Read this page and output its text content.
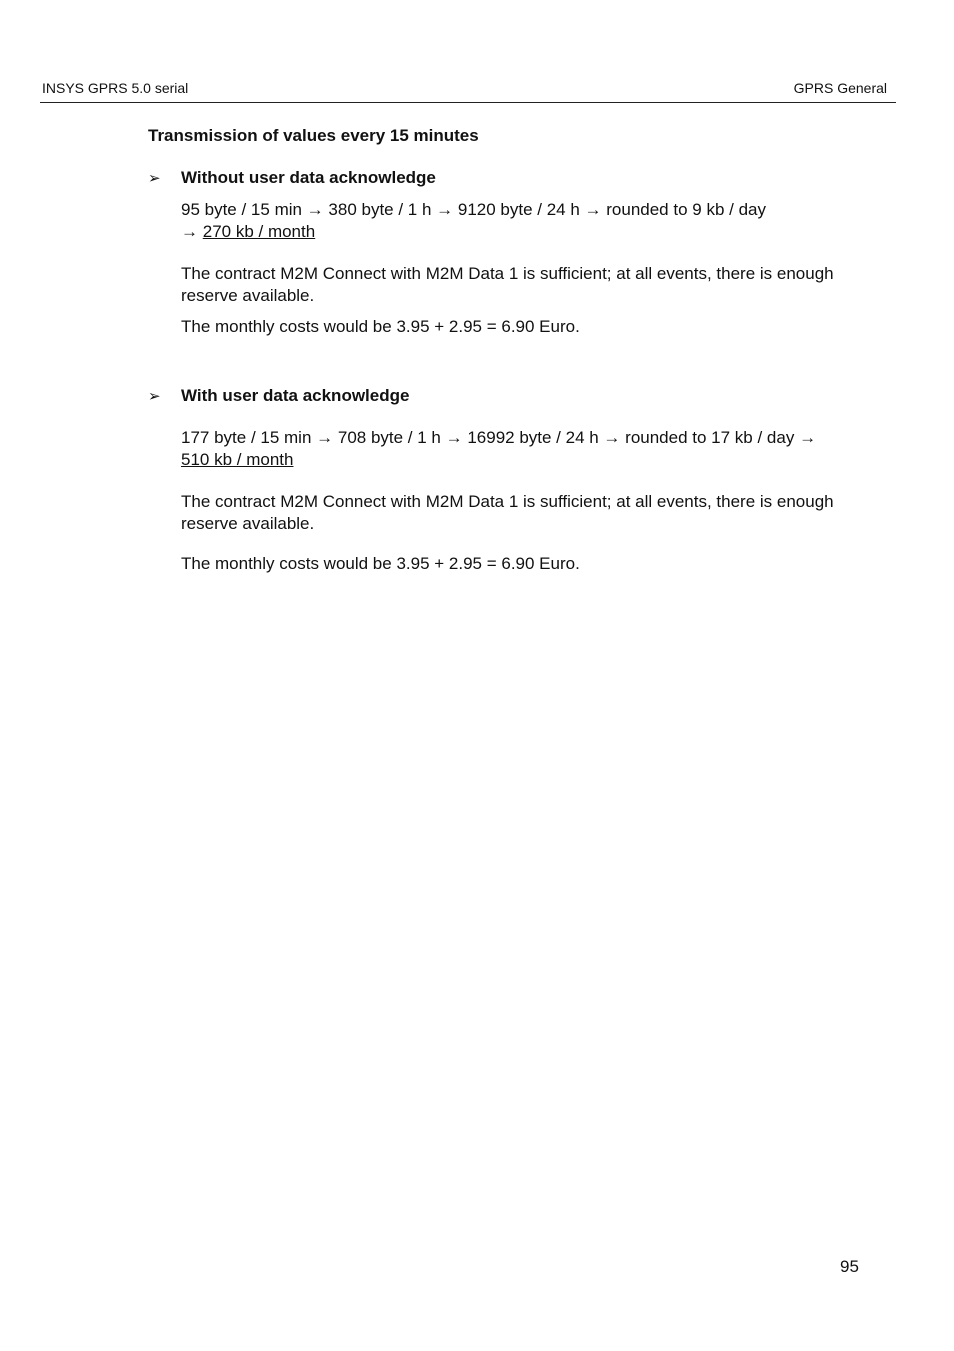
INSYS GPRS 5.0 serial	GPRS General
Transmission of values every 15 minutes
➢	Without user data acknowledge
95 byte / 15 min → 380 byte / 1 h → 9120 byte / 24 h → rounded to 9 kb / day
→ 270 kb / month
The contract M2M Connect with M2M Data 1 is sufficient; at all events, there is enough reserve available.
The monthly costs would be 3.95 + 2.95 = 6.90 Euro.
➢	With user data acknowledge
177 byte / 15 min → 708 byte / 1 h → 16992 byte / 24 h → rounded to 17 kb / day → 510 kb / month
The contract M2M Connect with M2M Data 1 is sufficient; at all events, there is enough reserve available.
The monthly costs would be 3.95 + 2.95 = 6.90 Euro.
95
